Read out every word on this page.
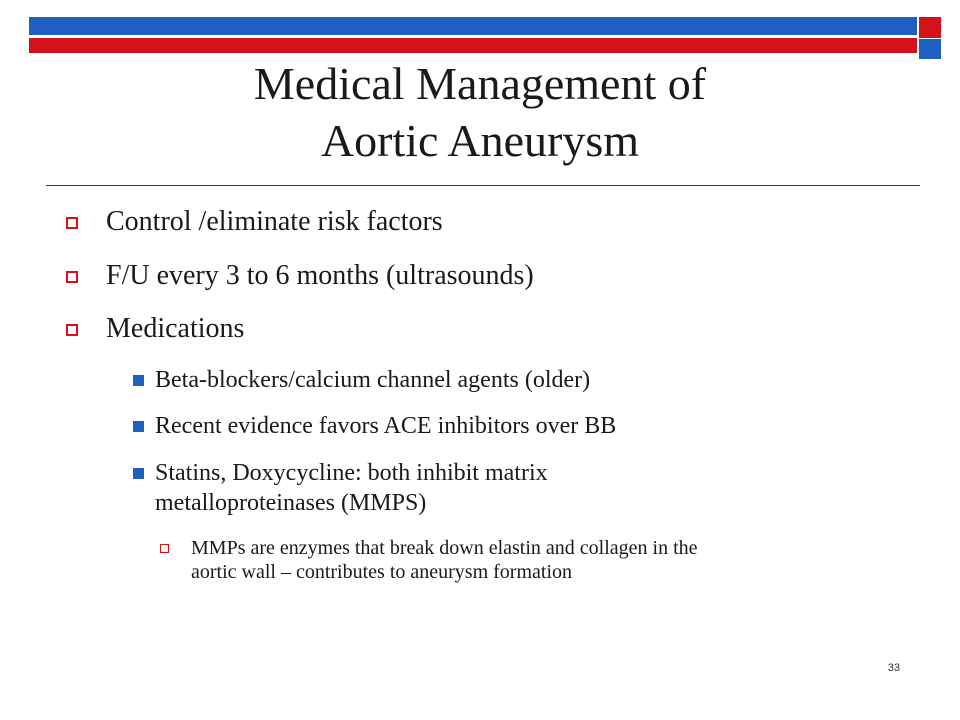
Medical Management of
Aortic Aneurysm
Control /eliminate risk factors
F/U every 3 to 6 months (ultrasounds)
Medications
Beta-blockers/calcium channel agents (older)
Recent evidence favors ACE inhibitors over BB
Statins, Doxycycline: both inhibit matrix
metalloproteinases (MMPS)
MMPs are enzymes that break down elastin and collagen in the
aortic wall – contributes to aneurysm formation
33
